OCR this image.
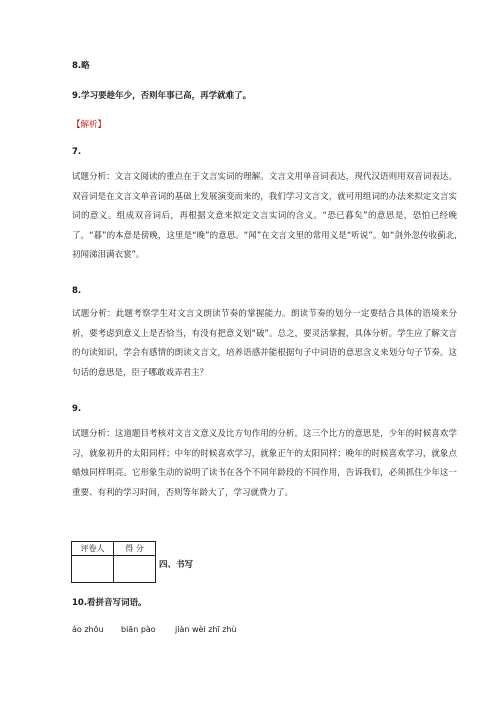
8.略
9.学习要趁年少，否则年事已高，再学就难了。
【解析】
7.
试题分析：文言文阅读的重点在于文言实词的理解。文言文用单音词表达，现代汉语则用双音词表达。双音词是在文言文单音词的基础上发展演变而来的，我们学习文言文，就可用组词的办法来拟定文言实词的意义。组成双音词后，再根据文意来拟定文言实词的含义。“恐已暮矣”的意思是，恐怕已经晚了。“暮”的本意是傍晚，这里是“晚”的意思。“闻”在文言文里的常用义是“听说”。如“剑外忽传收蓟北,初闻涕泪满衣裳”。
8.
试题分析：此题考察学生对文言文朗读节奏的掌握能力。朗读节奏的划分一定要结合具体的语境来分析，要考虑到意义上是否恰当，有没有把意义划“破”。总之，要灵活掌握，具体分析。学生应了解文言的句读知识，学会有感情的朗读文言文，培养语感并能根据句子中词语的意思含义来划分句子节奏。这句话的意思是，臣子哪敢戏弄君主？
9.
试题分析：这道题目考核对文言文意义及比方句作用的分析。这三个比方的意思是，少年的时候喜欢学习，就象初升的太阳同样；中年的时候喜欢学习，就象正午的太阳同样；晚年的时候喜欢学习，就象点蜡烛同样明亮。它形象生动的说明了读书在各个不同年龄段的不同作用，告诉我们，必须抓住少年这一重要、有利的学习时间，否则等年龄大了，学习就费力了。
评卷人	得 分

四、书写
10.看拼音写词语。
áo zhōu biān pào jiàn wèi zhī zhù
